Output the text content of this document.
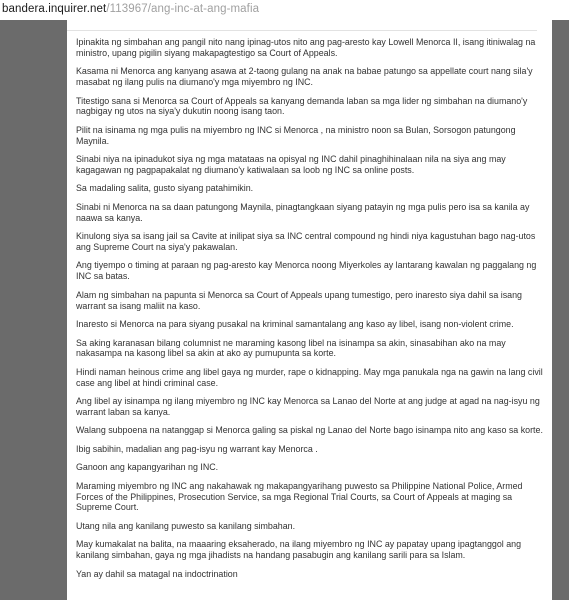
bandera.inquirer.net/113967/ang-inc-at-ang-mafia

Ipinakita ng simbahan ang pangil nito nang ipinag-utos nito ang pag-aresto kay Lowell Menorca II, isang itiniwalag na ministro, upang pigilin siyang makapagtestigo sa Court of Appeals.

Kasama ni Menorca ang kanyang asawa at 2-taong gulang na anak na babae patungo sa appellate court nang sila'y masabat ng ilang pulis na diumano'y mga miyembro ng INC.

Titestigo sana si Menorca sa Court of Appeals sa kanyang demanda laban sa mga lider ng simbahan na diumano'y nagbigay ng utos na siya'y dukutin noong isang taon.

Pilit na isinama ng mga pulis na miyembro ng INC si Menorca , na ministro noon sa Bulan, Sorsogon patungong Maynila.

Sinabi niya na ipinadukot siya ng mga matataas na opisyal ng INC dahil pinaghihinalaan nila na siya ang may kagagawan ng pagpapakalat ng diumano'y katiwalaan sa loob ng INC sa online posts.

Sa madaling salita, gusto siyang patahimikin.

Sinabi ni Menorca na sa daan patungong Maynila, pinagtangkaan siyang patayin ng mga pulis pero isa sa kanila ay naawa sa kanya.

Kinulong siya sa isang jail sa Cavite at inilipat siya sa INC central compound ng hindi niya kagustuhan bago nag-utos ang Supreme Court na siya'y pakawalan.

Ang tiyempo o timing at paraan ng pag-aresto kay Menorca noong Miyerkoles ay lantarang kawalan ng paggalang ng INC sa batas.

Alam ng simbahan na papunta si Menorca sa Court of Appeals upang tumestigo, pero inaresto siya dahil sa isang warrant sa isang maliit na kaso.

Inaresto si Menorca na para siyang pusakal na kriminal samantalang ang kaso ay libel, isang non-violent crime.

Sa aking karanasan bilang columnist ne maraming kasong libel na isinampa sa akin, sinasabihan ako na may nakasampa na kasong libel sa akin at ako ay pumupunta sa korte.

Hindi naman heinous crime ang libel gaya ng murder, rape o kidnapping. May mga panukala nga na gawin na lang civil case ang libel at hindi criminal case.

Ang libel ay isinampa ng ilang miyembro ng INC kay Menorca sa Lanao del Norte at ang judge at agad na nag-isyu ng warrant laban sa kanya.

Walang subpoena na natanggap si Menorca galing sa piskal ng Lanao del Norte bago isinampa nito ang kaso sa korte.

Ibig sabihin, madalian ang pag-isyu ng warrant kay Menorca .

Ganoon ang kapangyarihan ng INC.

Maraming miyembro ng INC ang nakahawak ng makapangyarihang puwesto sa Philippine National Police, Armed Forces of the Philippines, Prosecution Service, sa mga Regional Trial Courts, sa Court of Appeals at maging sa Supreme Court.

Utang nila ang kanilang puwesto sa kanilang simbahan.

May kumakalat na balita, na maaaring eksaherado, na ilang miyembro ng INC ay papatay upang ipagtanggol ang kanilang simbahan, gaya ng mga jihadists na handang pasabugin ang kanilang sarili para sa Islam.

Yan ay dahil sa matagal na indoctrination
